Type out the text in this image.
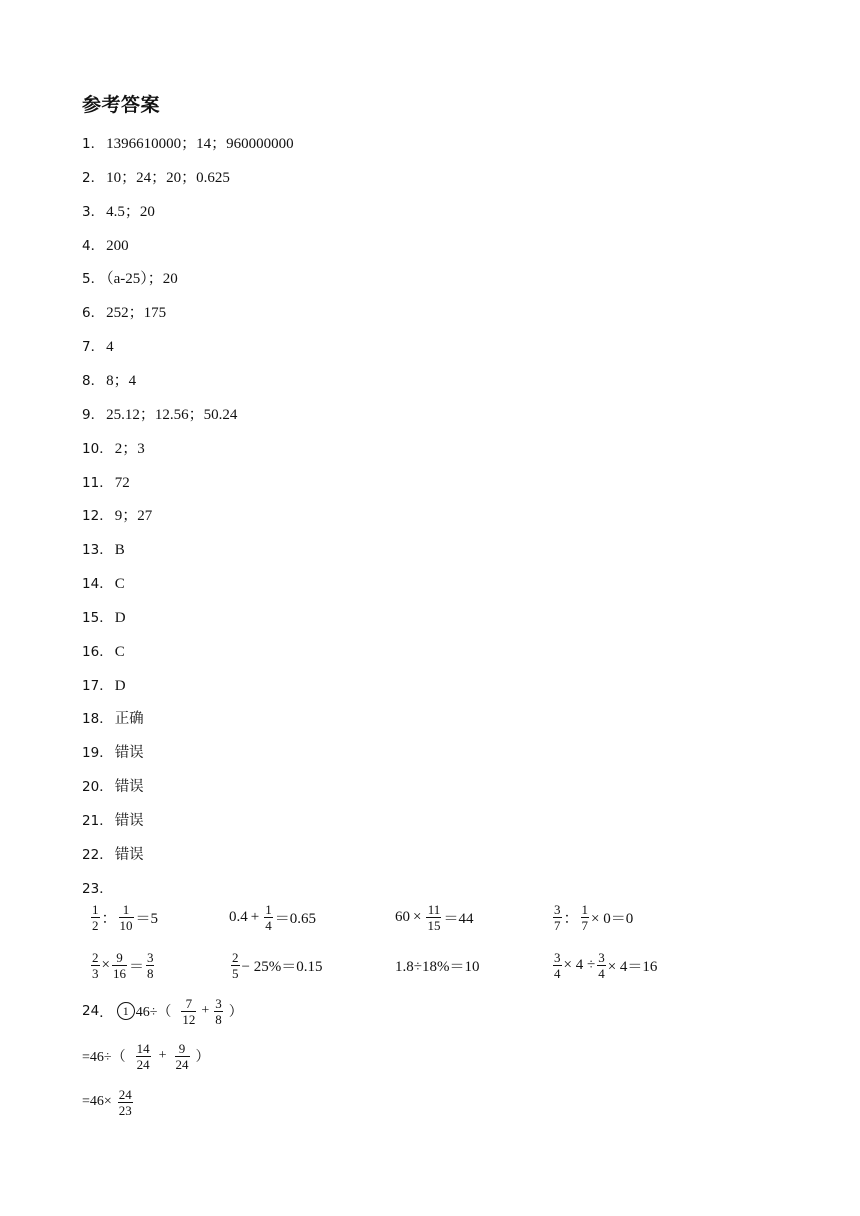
参考答案
1 ． 1396610000；14；960000000
2 ． 10；24；20；0.625
3 ． 4.5；20
4 ． 200
5 ． （a-25）；20
6 ． 252；175
7 ． 4
8 ． 8；4
9 ． 25.12；12.56；50.24
10 ． 2；3
11 ． 72
12 ． 9；27
13 ． B
14 ． C
15 ． D
16 ． C
17 ． D
18 ． 正确
19 ． 错误
20 ． 错误
21 ． 错误
22 ． 错误
23 ．
$\frac{1}{2}$ ： $\frac{1}{10} =5$	$0.4 + \frac{1}{4} =0.65$	$60 \times \frac{11}{15} =44$	$\frac{3}{7}$ ： $\frac{1}{7} \times 0=0$
$\frac{2}{3} \times \frac{9}{16} = \frac{3}{8}$	$\frac{2}{5} - 25\%=0.15$	1.8÷18%＝10	$\frac{3}{4} \times 4 \div \frac{3}{4} \times 4=16$
24 ． 1 $46\div( \frac{7}{12} + \frac{3}{8}$ ）
$=46\div( \frac{14}{24} + \frac{9}{24}$ ）
$=46\times \frac{24}{23}$
